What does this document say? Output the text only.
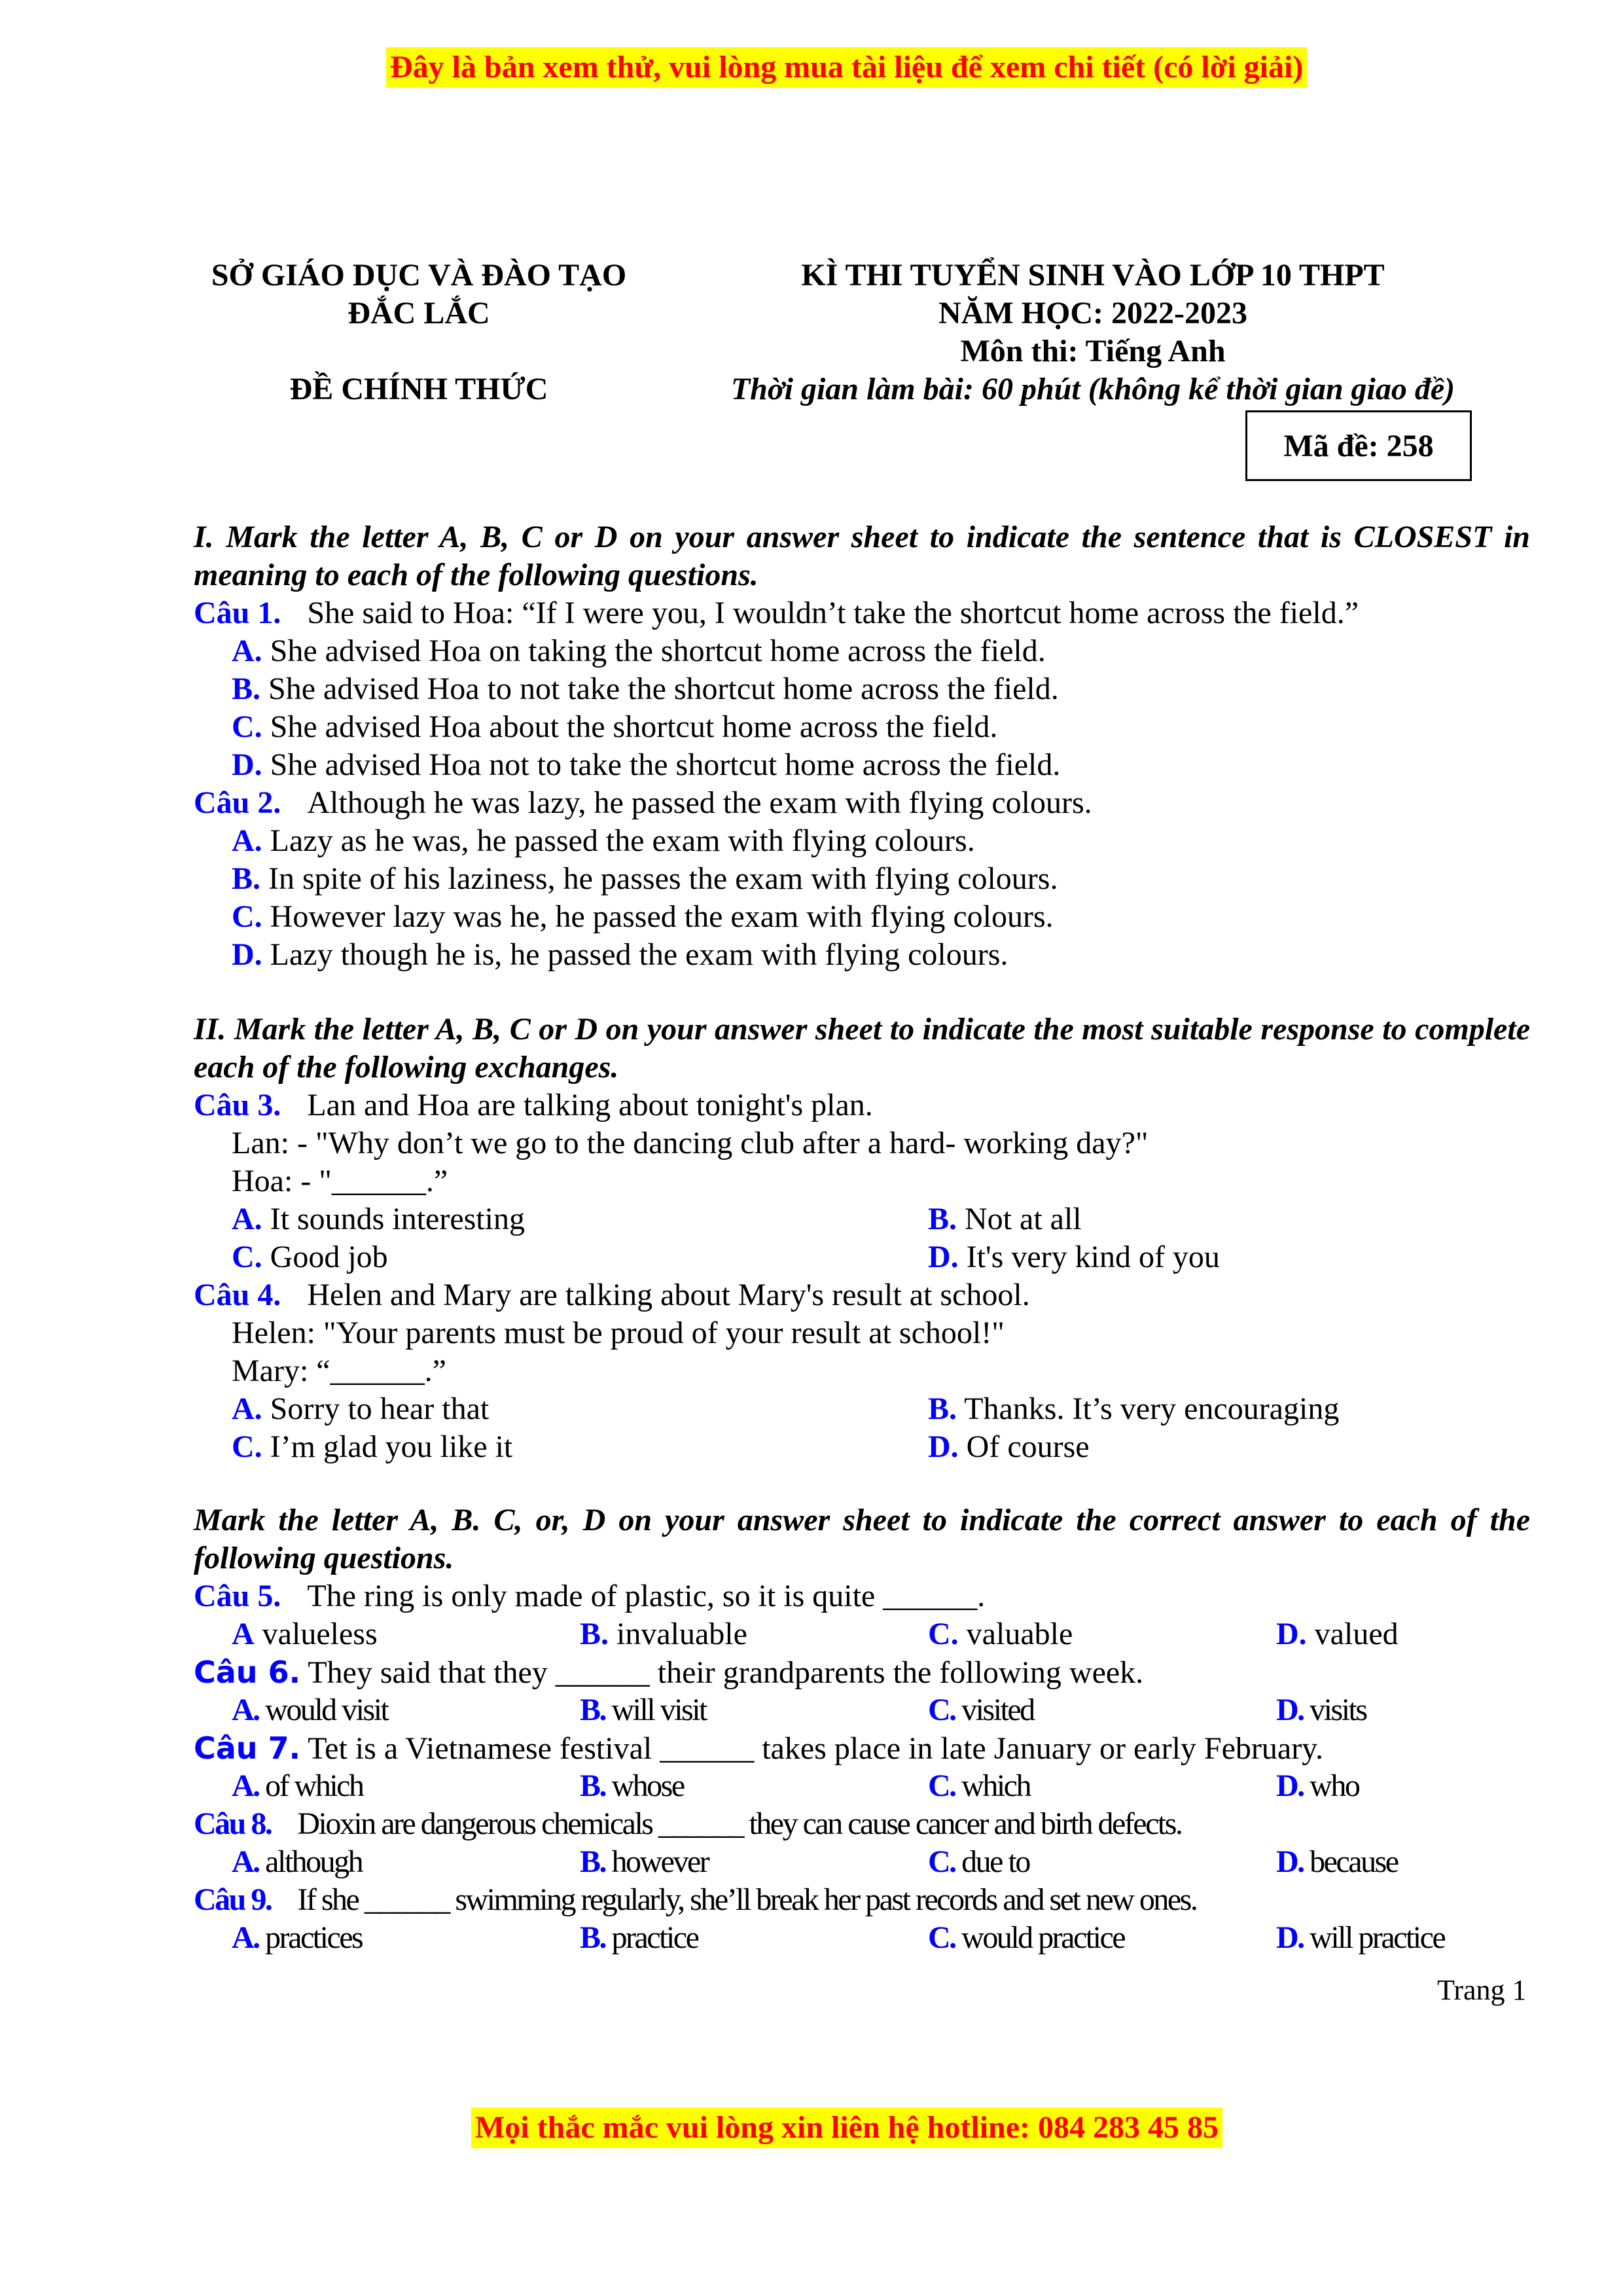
Đây là bản xem thử, vui lòng mua tài liệu để xem chi tiết (có lời giải)
SỞ GIÁO DỤC VÀ ĐÀO TẠO
ĐẮC LẮC
ĐỀ CHÍNH THỨC
KÌ THI TUYỂN SINH VÀO LỚP 10 THPT
NĂM HỌC: 2022-2023
Môn thi: Tiếng Anh
Thời gian làm bài: 60 phút (không kể thời gian giao đề)
Mã đề: 258
I. Mark the letter A, B, C or D on your answer sheet to indicate the sentence that is CLOSEST in meaning to each of the following questions.
Câu 1. She said to Hoa: “If I were you, I wouldn’t take the shortcut home across the field.”
A. She advised Hoa on taking the shortcut home across the field.
B. She advised Hoa to not take the shortcut home across the field.
C. She advised Hoa about the shortcut home across the field.
D. She advised Hoa not to take the shortcut home across the field.
Câu 2. Although he was lazy, he passed the exam with flying colours.
A. Lazy as he was, he passed the exam with flying colours.
B. In spite of his laziness, he passes the exam with flying colours.
C. However lazy was he, he passed the exam with flying colours.
D. Lazy though he is, he passed the exam with flying colours.
II. Mark the letter A, B, C or D on your answer sheet to indicate the most suitable response to complete each of the following exchanges.
Câu 3. Lan and Hoa are talking about tonight's plan.
Lan: - "Why don’t we go to the dancing club after a hard- working day?"
Hoa: - "______.”
A. It sounds interesting	B. Not at all
C. Good job	D. It's very kind of you
Câu 4. Helen and Mary are talking about Mary's result at school.
Helen: "Your parents must be proud of your result at school!"
Mary: “______.”
A. Sorry to hear that	B. Thanks. It’s very encouraging
C. I’m glad you like it	D. Of course
Mark the letter A, B. C, or, D on your answer sheet to indicate the correct answer to each of the following questions.
Câu 5. The ring is only made of plastic, so it is quite ______.
A valueless	B. invaluable	C. valuable	D. valued
Câu 6. They said that they ______ their grandparents the following week.
A. would visit	B. will visit	C. visited	D. visits
Câu 7. Tet is a Vietnamese festival ______ takes place in late January or early February.
A. of which	B. whose	C. which	D. who
Câu 8. Dioxin are dangerous chemicals ______ they can cause cancer and birth defects.
A. although	B. however	C. due to	D. because
Câu 9. If she ______ swimming regularly, she’ll break her past records and set new ones.
A. practices	B. practice	C. would practice	D. will practice
Trang 1
Mọi thắc mắc vui lòng xin liên hệ hotline: 084 283 45 85
